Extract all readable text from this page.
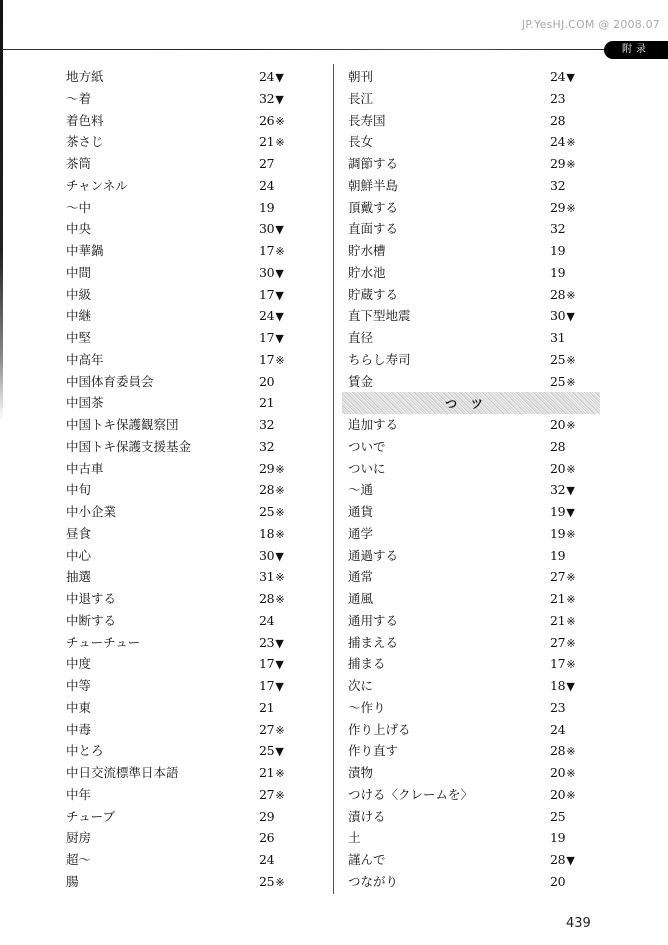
JP.YesHJ.COM @ 2008.07
附录
地方紙	24▼
～着	32▼
着色料	26※
茶さじ	21※
茶筒	27
チャンネル	24
～中	19
中央	30▼
中華鍋	17※
中間	30▼
中級	17▼
中継	24▼
中堅	17▼
中高年	17※
中国体育委員会	20
中国茶	21
中国トキ保護観察団	32
中国トキ保護支援基金	32
中古車	29※
中旬	28※
中小企業	25※
昼食	18※
中心	30▼
抽選	31※
中退する	28※
中断する	24
チューチュー	23▼
中度	17▼
中等	17▼
中東	21
中毒	27※
中とろ	25▼
中日交流標準日本語	21※
中年	27※
チューブ	29
厨房	26
超～	24
腸	25※
朝刊	24▼
長江	23
長寿国	28
長女	24※
調節する	29※
朝鮮半島	32
頂戴する	29※
直面する	32
貯水槽	19
貯水池	19
貯蔵する	28※
直下型地震	30▼
直径	31
ちらし寿司	25※
賃金	25※
つツ
追加する	20※
ついで	28
ついに	20※
～通	32▼
通貨	19▼
通学	19※
通過する	19
通常	27※
通風	21※
通用する	21※
捕まえる	27※
捕まる	17※
次に	18▼
～作り	23
作り上げる	24
作り直す	28※
漬物	20※
つける〈クレームを〉	20※
漬ける	25
土	19
謹んで	28▼
つながり	20
439
